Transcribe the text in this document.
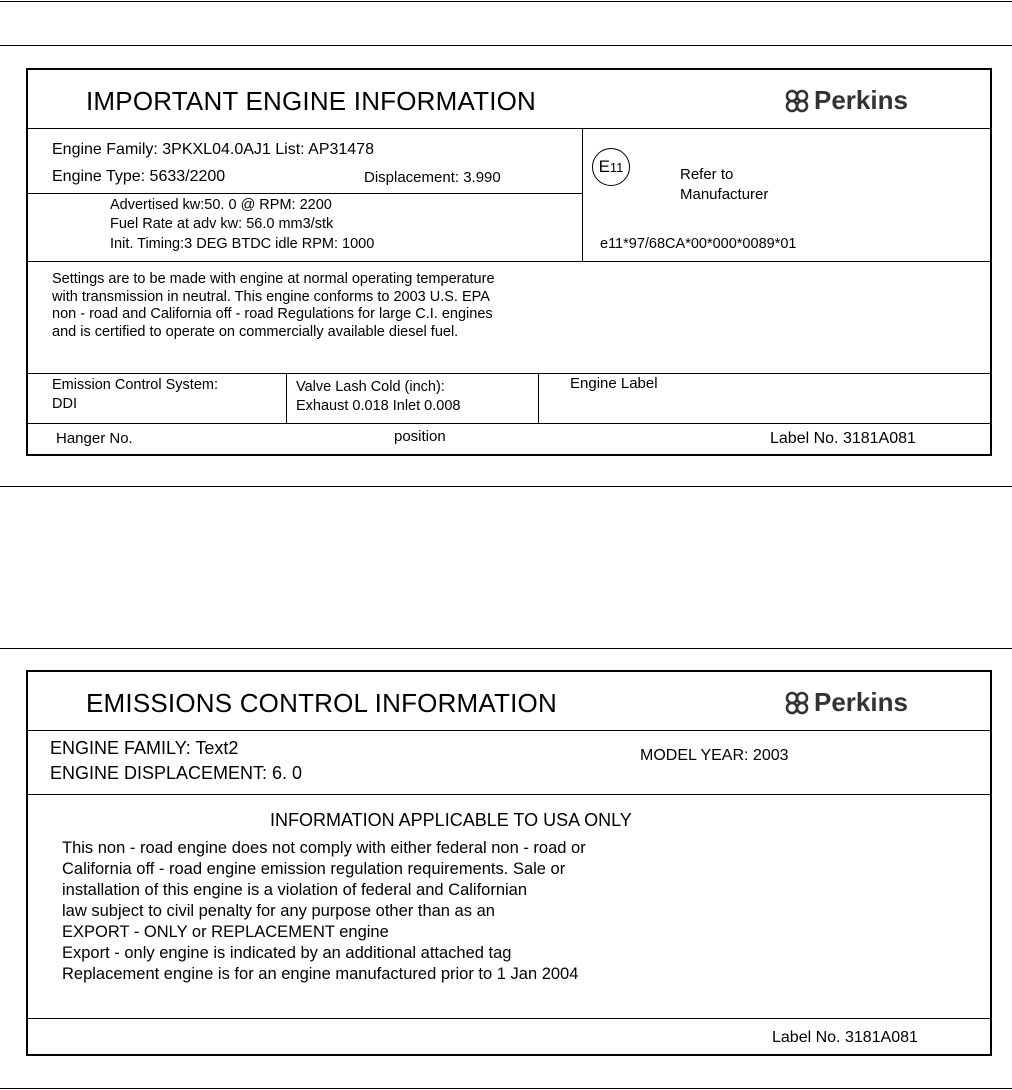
IMPORTANT ENGINE INFORMATION	Perkins
Engine Family: 3PKXL04.0AJ1 List: AP31478
Engine Type: 5633/2200	Displacement: 3.990
Advertised kw:50. 0 @ RPM: 2200
Fuel Rate at adv kw: 56.0 mm3/stk
Init. Timing:3 DEG BTDC idle RPM: 1000
E 11	Refer to
Manufacturer
e11*97/68CA*00*000*0089*01
Settings are to be made with engine at normal operating temperature
with transmission in neutral. This engine conforms to 2003 U.S. EPA
non - road and California off - road Regulations for large C.I. engines
and is certified to operate on commercially available diesel fuel.
Emission Control System:
DDI
Valve Lash Cold (inch):
Exhaust 0.018 Inlet 0.008
Engine Label
Hanger No.	position	Label No. 3181A081
EMISSIONS CONTROL INFORMATION	Perkins
ENGINE FAMILY: Text2
ENGINE DISPLACEMENT: 6. 0
MODEL YEAR: 2003
INFORMATION APPLICABLE TO USA ONLY
This non - road engine does not comply with either federal non - road or
California off - road engine emission regulation requirements. Sale or
installation of this engine is a violation of federal and Californian
law subject to civil penalty for any purpose other than as an
EXPORT - ONLY or REPLACEMENT engine
Export - only engine is indicated by an additional attached tag
Replacement engine is for an engine manufactured prior to 1 Jan 2004
Label No. 3181A081
